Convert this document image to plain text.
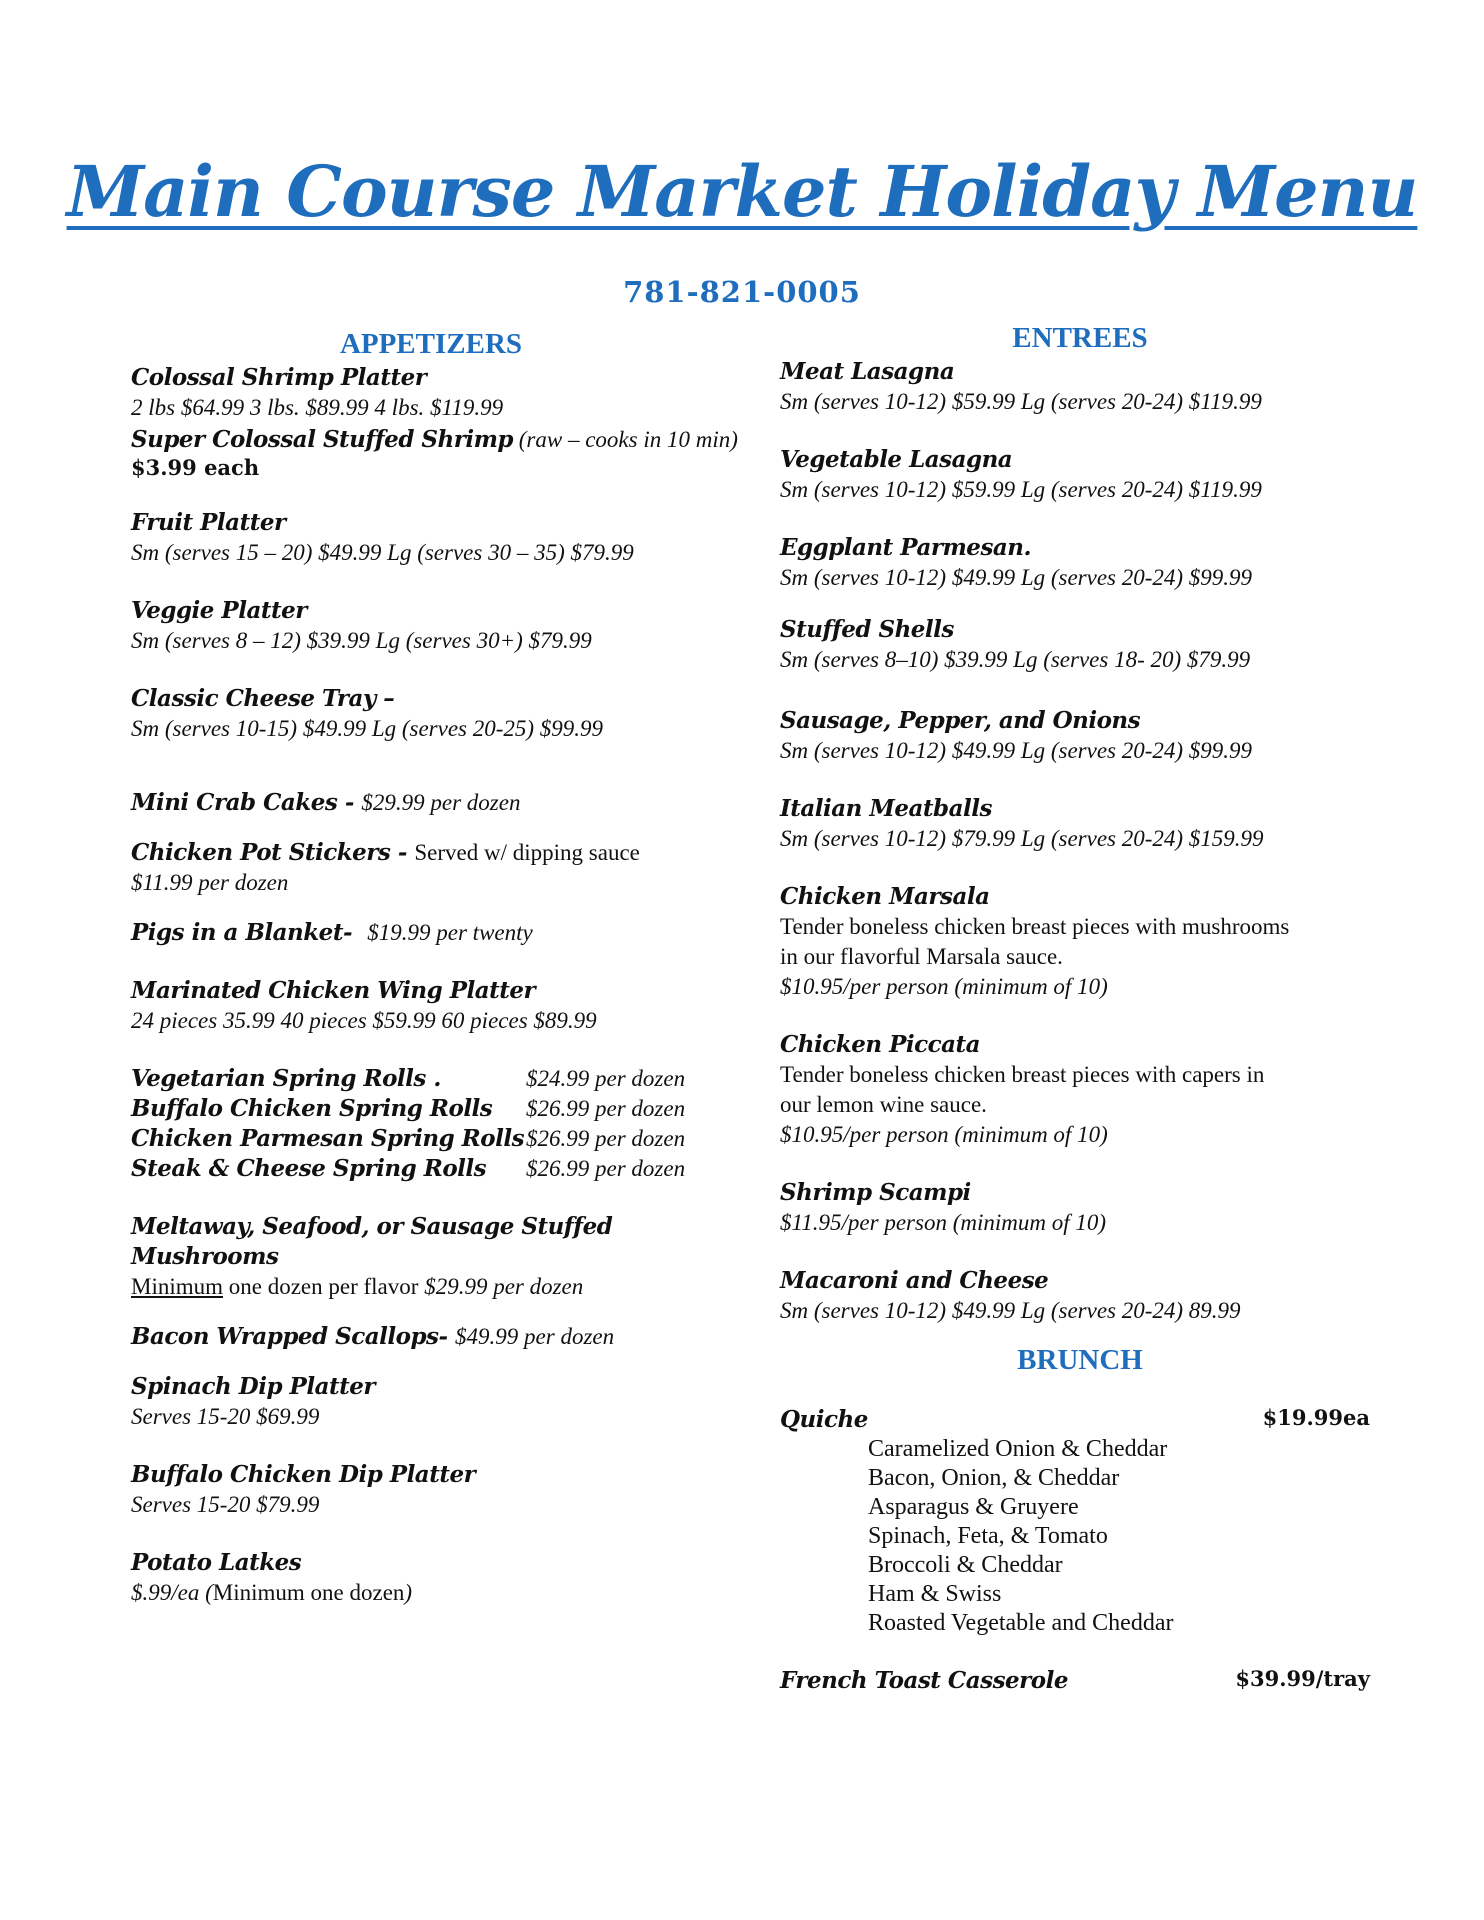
Main Course Market Holiday Menu
781-821-0005
APPETIZERS
Colossal Shrimp Platter
2 lbs $64.99 3 lbs. $89.99 4 lbs. $119.99
Super Colossal Stuffed Shrimp (raw – cooks in 10 min)
$3.99 each
Fruit Platter
Sm (serves 15 – 20) $49.99 Lg (serves 30 – 35) $79.99
Veggie Platter
Sm (serves 8 – 12) $39.99 Lg (serves 30+) $79.99
Classic Cheese Tray –
Sm (serves 10-15) $49.99 Lg (serves 20-25) $99.99
Mini Crab Cakes - $29.99 per dozen
Chicken Pot Stickers - Served w/ dipping sauce
$11.99 per dozen
Pigs in a Blanket- $19.99 per twenty
Marinated Chicken Wing Platter
24 pieces 35.99 40 pieces $59.99 60 pieces $89.99
Vegetarian Spring Rolls .	$24.99 per dozen
Buffalo Chicken Spring Rolls	$26.99 per dozen
Chicken Parmesan Spring Rolls $26.99 per dozen
Steak & Cheese Spring Rolls	$26.99 per dozen
Meltaway, Seafood, or Sausage Stuffed Mushrooms
Minimum one dozen per flavor $29.99 per dozen
Bacon Wrapped Scallops- $49.99 per dozen
Spinach Dip Platter
Serves 15-20 $69.99
Buffalo Chicken Dip Platter
Serves 15-20 $79.99
Potato Latkes
$.99/ea (Minimum one dozen)
ENTREES
Meat Lasagna
Sm (serves 10-12) $59.99 Lg (serves 20-24) $119.99
Vegetable Lasagna
Sm (serves 10-12) $59.99 Lg (serves 20-24) $119.99
Eggplant Parmesan.
Sm (serves 10-12) $49.99 Lg (serves 20-24) $99.99
Stuffed Shells
Sm (serves 8–10) $39.99 Lg (serves 18- 20) $79.99
Sausage, Pepper, and Onions
Sm (serves 10-12) $49.99 Lg (serves 20-24) $99.99
Italian Meatballs
Sm (serves 10-12) $79.99 Lg (serves 20-24) $159.99
Chicken Marsala
Tender boneless chicken breast pieces with mushrooms
in our flavorful Marsala sauce.
$10.95/per person (minimum of 10)
Chicken Piccata
Tender boneless chicken breast pieces with capers in
our lemon wine sauce.
$10.95/per person (minimum of 10)
Shrimp Scampi
$11.95/per person (minimum of 10)
Macaroni and Cheese
Sm (serves 10-12) $49.99 Lg (serves 20-24) 89.99
BRUNCH
Quiche	$19.99ea
Caramelized Onion & Cheddar
Bacon, Onion, & Cheddar
Asparagus & Gruyere
Spinach, Feta, & Tomato
Broccoli & Cheddar
Ham & Swiss
Roasted Vegetable and Cheddar
French Toast Casserole	$39.99/tray
